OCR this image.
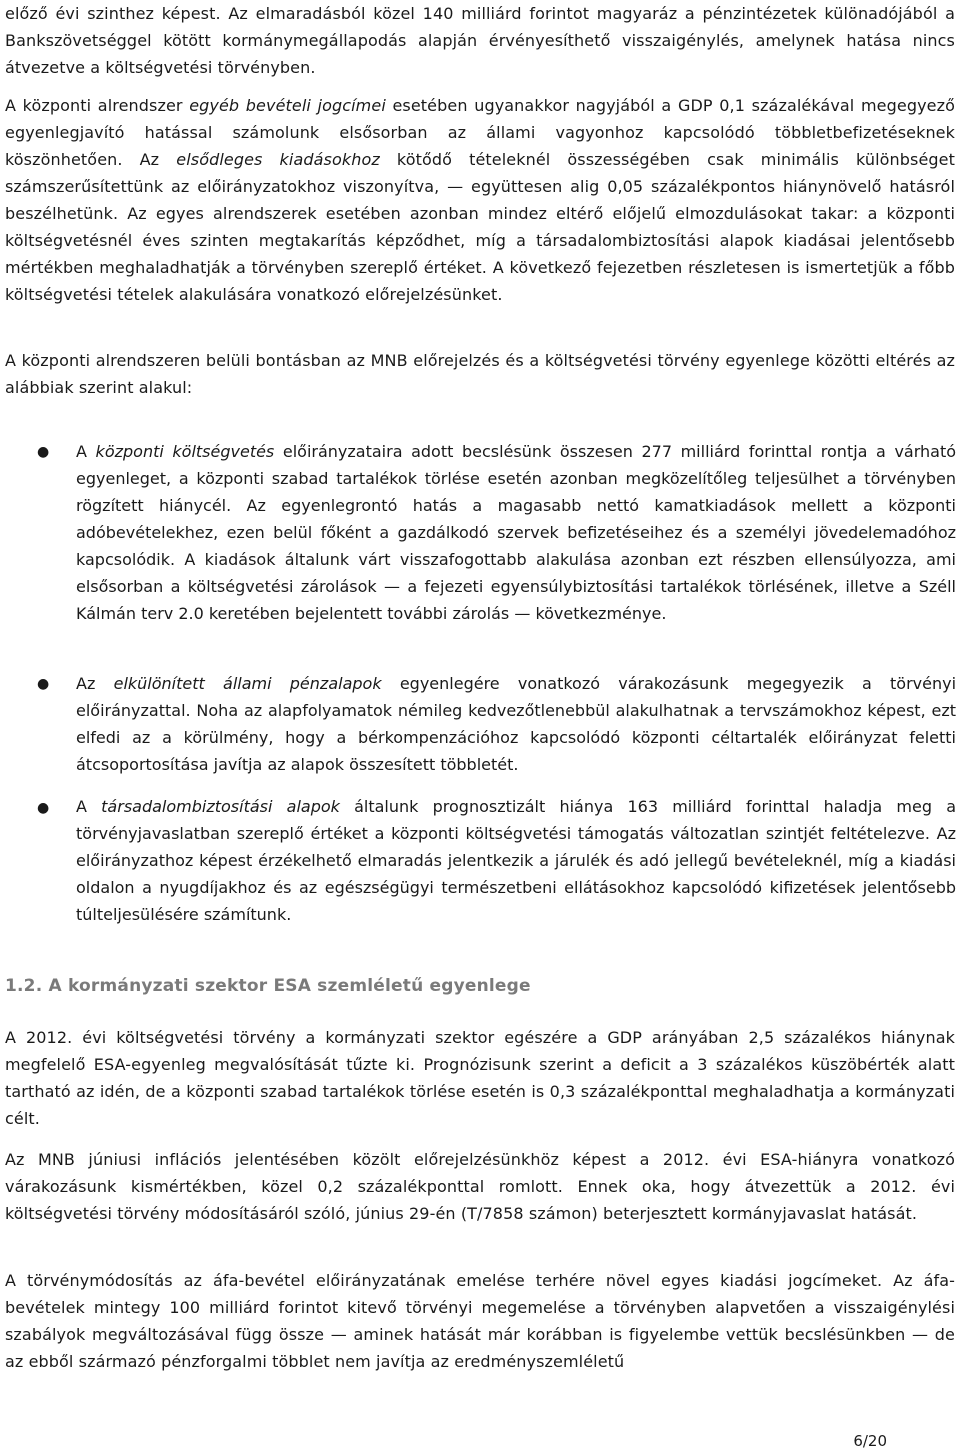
előző évi szinthez képest. Az elmaradásból közel 140 milliárd forintot magyaráz a pénzintézetek különadójából a Bankszövetséggel kötött kormánymegállapodás alapján érvényesíthető visszaigénylés, amelynek hatása nincs átvezetve a költségvetési törvényben.

A központi alrendszer egyéb bevételi jogcímei esetében ugyanakkor nagyjából a GDP 0,1 százalékával megegyező egyenlegjavító hatással számolunk elsősorban az állami vagyonhoz kapcsolódó többletbefizetéseknek köszönhetően. Az elsődleges kiadásokhoz kötődő tételeknél összességében csak minimális különbséget számszerűsítettünk az előirányzatokhoz viszonyítva, — együttesen alig 0,05 százalékpontos hiánynövelő hatásról beszélhetünk. Az egyes alrendszerek esetében azonban mindez eltérő előjelű elmozdulásokat takar: a központi költségvetésnél éves szinten megtakarítás képződhet, míg a társadalombiztosítási alapok kiadásai jelentősebb mértékben meghaladhatják a törvényben szereplő értéket. A következő fejezetben részletesen is ismertetjük a főbb költségvetési tételek alakulására vonatkozó előrejelzésünket.

A központi alrendszeren belüli bontásban az MNB előrejelzés és a költségvetési törvény egyenlege közötti eltérés az alábbiak szerint alakul:

●

A központi költségvetés előirányzataira adott becslésünk összesen 277 milliárd forinttal rontja a várható egyenleget, a központi szabad tartalékok törlése esetén azonban megközelítőleg teljesülhet a törvényben rögzített hiánycél. Az egyenlegrontó hatás a magasabb nettó kamatkiadások mellett a központi adóbevételekhez, ezen belül főként a gazdálkodó szervek befizetéseihez és a személyi jövedelemadóhoz kapcsolódik. A kiadások általunk várt visszafogottabb alakulása azonban ezt részben ellensúlyozza, ami elsősorban a költségvetési zárolások — a fejezeti egyensúlybiztosítási tartalékok törlésének, illetve a Széll Kálmán terv 2.0 keretében bejelentett további zárolás — következménye.

●

Az elkülönített állami pénzalapok egyenlegére vonatkozó várakozásunk megegyezik a törvényi előirányzattal. Noha az alapfolyamatok némileg kedvezőtlenebbül alakulhatnak a tervszámokhoz képest, ezt elfedi az a körülmény, hogy a bérkompenzációhoz kapcsolódó központi céltartalék előirányzat feletti átcsoportosítása javítja az alapok összesített többletét.

●

A társadalombiztosítási alapok általunk prognosztizált hiánya 163 milliárd forinttal haladja meg a törvényjavaslatban szereplő értéket a központi költségvetési támogatás változatlan szintjét feltételezve. Az előirányzathoz képest érzékelhető elmaradás jelentkezik a járulék és adó jellegű bevételeknél, míg a kiadási oldalon a nyugdíjakhoz és az egészségügyi természetbeni ellátásokhoz kapcsolódó kifizetések jelentősebb túlteljesülésére számítunk.

1.2. A kormányzati szektor ESA szemléletű egyenlege

A 2012. évi költségvetési törvény a kormányzati szektor egészére a GDP arányában 2,5 százalékos hiánynak megfelelő ESA-egyenleg megvalósítását tűzte ki. Prognózisunk szerint a deficit a 3 százalékos küszöbérték alatt tartható az idén, de a központi szabad tartalékok törlése esetén is 0,3 százalékponttal meghaladhatja a kormányzati célt.

Az MNB júniusi inflációs jelentésében közölt előrejelzésünkhöz képest a 2012. évi ESA-hiányra vonatkozó várakozásunk kismértékben, közel 0,2 százalékponttal romlott. Ennek oka, hogy átvezettük a 2012. évi költségvetési törvény módosításáról szóló, június 29-én (T/7858 számon) beterjesztett kormányjavaslat hatását.

A törvénymódosítás az áfa-bevétel előirányzatának emelése terhére növel egyes kiadási jogcímeket. Az áfa-bevételek mintegy 100 milliárd forintot kitevő törvényi megemelése a törvényben alapvetően a visszaigénylési szabályok megváltozásával függ össze — aminek hatását már korábban is figyelembe vettük becslésünkben — de az ebből származó pénzforgalmi többlet nem javítja az eredményszemléletű

6/20
